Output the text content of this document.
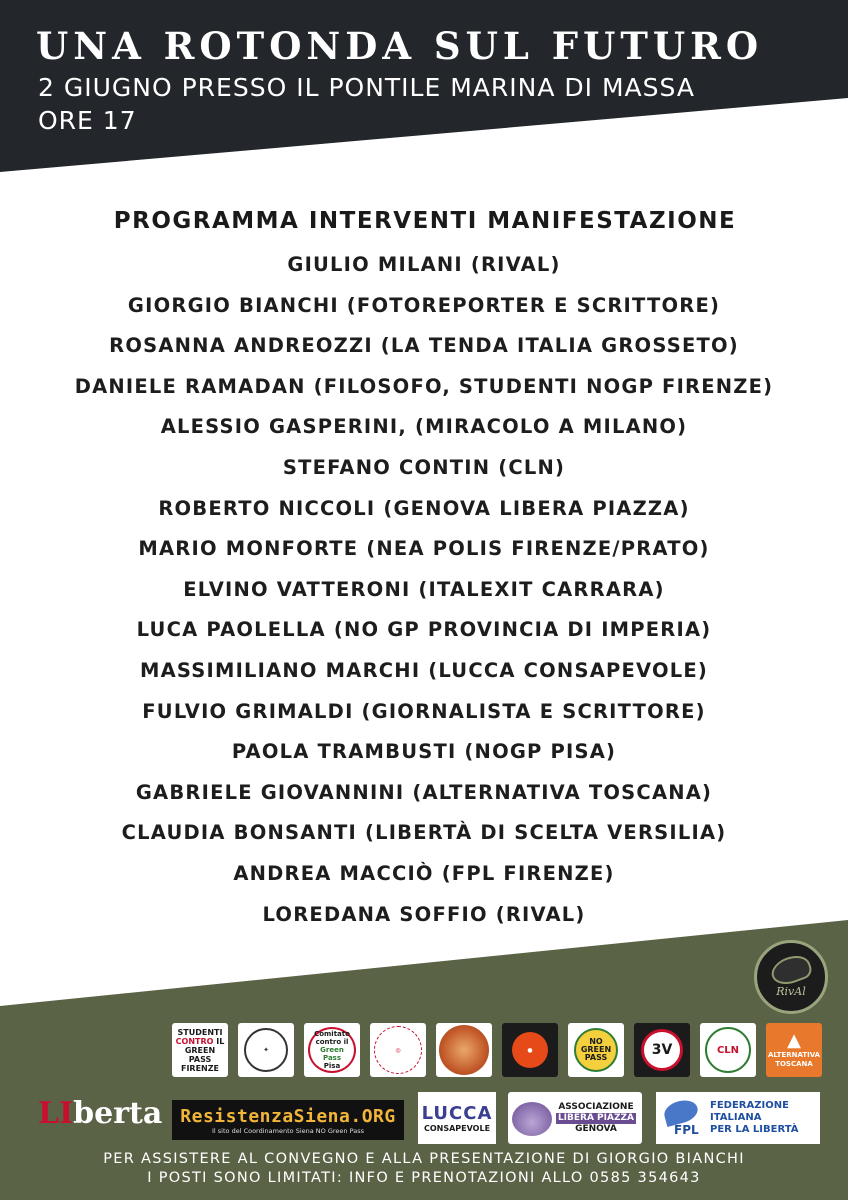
UNA ROTONDA SUL FUTURO
2 GIUGNO PRESSO IL PONTILE MARINA DI MASSA
ORE 17
PROGRAMMA INTERVENTI MANIFESTAZIONE
GIULIO MILANI (RIVAL)
GIORGIO BIANCHI (FOTOREPORTER E SCRITTORE)
ROSANNA ANDREOZZI (LA TENDA ITALIA GROSSETO)
DANIELE RAMADAN (FILOSOFO, STUDENTI NOGP FIRENZE)
ALESSIO GASPERINI, (MIRACOLO A MILANO)
STEFANO CONTIN (CLN)
ROBERTO NICCOLI (GENOVA LIBERA PIAZZA)
MARIO MONFORTE (NEA POLIS FIRENZE/PRATO)
ELVINO VATTERONI (ITALEXIT CARRARA)
LUCA PAOLELLA (NO GP PROVINCIA DI IMPERIA)
MASSIMILIANO MARCHI (LUCCA CONSAPEVOLE)
FULVIO GRIMALDI (GIORNALISTA E SCRITTORE)
PAOLA TRAMBUSTI (NOGP PISA)
GABRIELE GIOVANNINI (ALTERNATIVA TOSCANA)
CLAUDIA BONSANTI (LIBERTÀ DI SCELTA VERSILIA)
ANDREA MACCIÒ (FPL FIRENZE)
LOREDANA SOFFIO (RIVAL)
RivAl
STUDENTI
CONTRO IL
GREEN PASS
FIRENZE
✦
Comitato
contro il
Green Pass
Pisa
◎	●
NO
GREEN
PASS	3V	CLN	▲
ALTERNATIVA TOSCANA
LIberta ResistenzaSiena.ORG
Il sito del Coordinamento Siena NO Green Pass
LUCCA
CONSAPEVOLE
ASSOCIAZIONE
LIBERA PIAZZA
GENOVA	FPL
FEDERAZIONE
ITALIANA
PER LA LIBERTÀ
PER ASSISTERE AL CONVEGNO E ALLA PRESENTAZIONE DI GIORGIO BIANCHI
I POSTI SONO LIMITATI: INFO E PRENOTAZIONI ALLO 0585 354643
